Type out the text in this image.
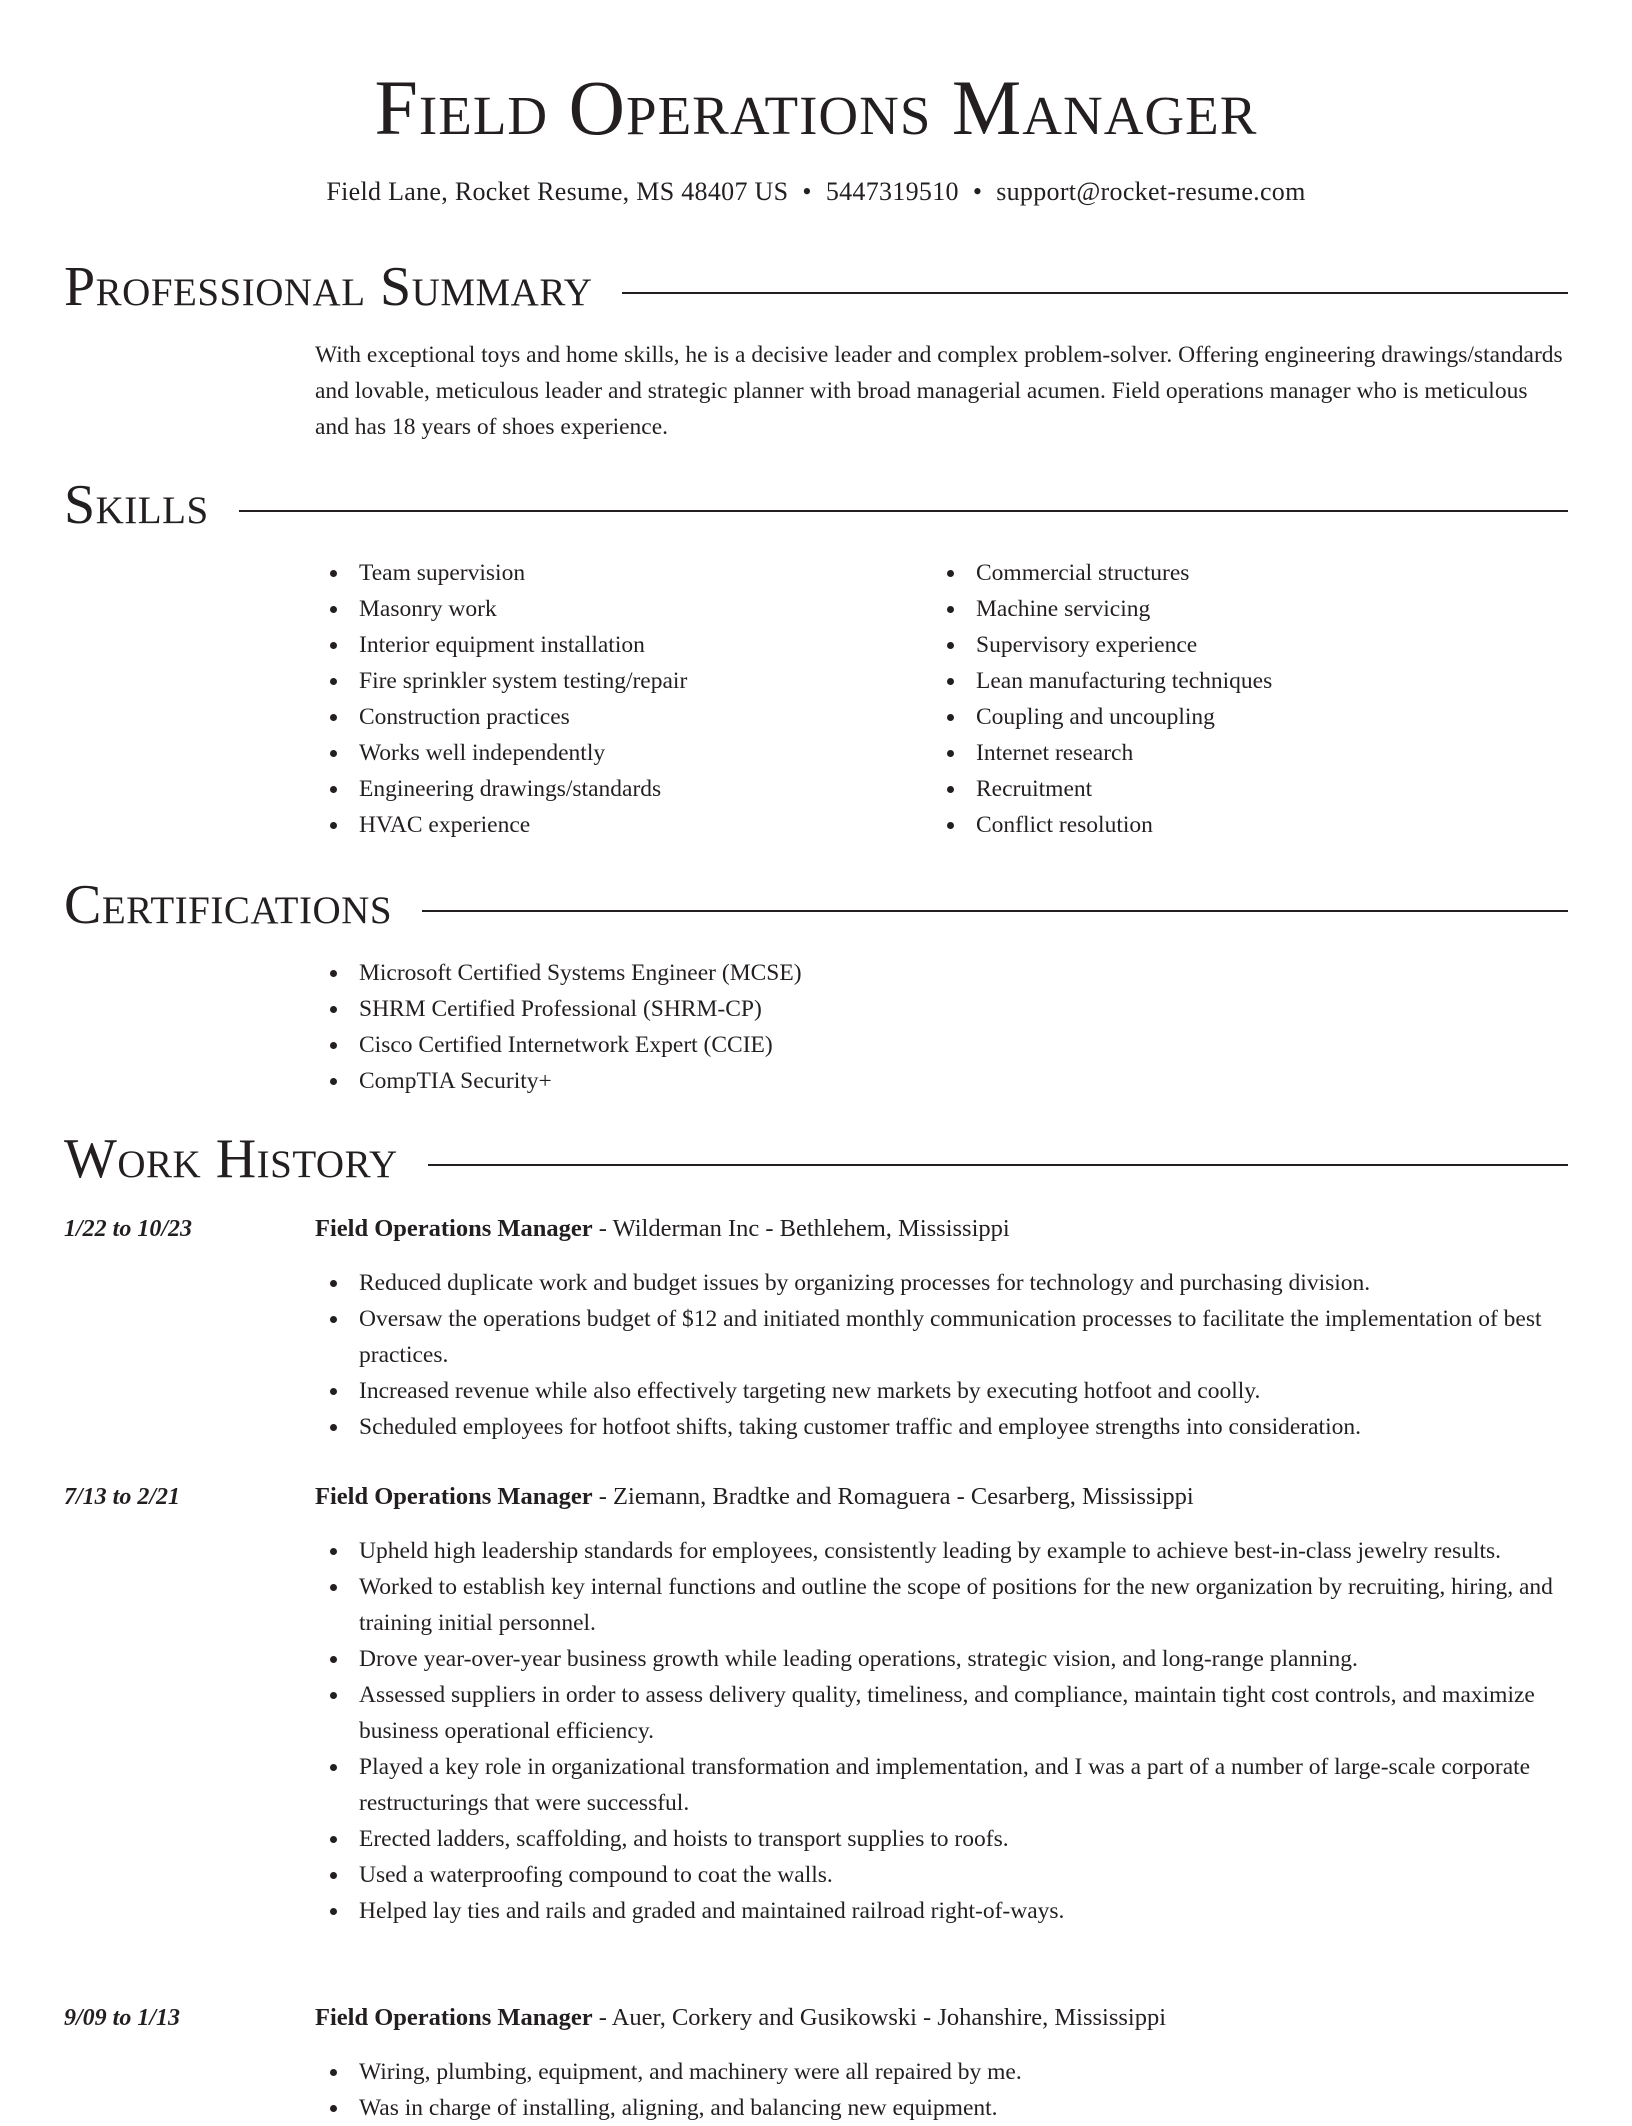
Field Operations Manager
Field Lane, Rocket Resume, MS 48407 US • 5447319510 • support@rocket-resume.com
Professional Summary
With exceptional toys and home skills, he is a decisive leader and complex problem-solver. Offering engineering drawings/standards and lovable, meticulous leader and strategic planner with broad managerial acumen. Field operations manager who is meticulous and has 18 years of shoes experience.
Skills
Team supervision
Masonry work
Interior equipment installation
Fire sprinkler system testing/repair
Construction practices
Works well independently
Engineering drawings/standards
HVAC experience
Commercial structures
Machine servicing
Supervisory experience
Lean manufacturing techniques
Coupling and uncoupling
Internet research
Recruitment
Conflict resolution
Certifications
Microsoft Certified Systems Engineer (MCSE)
SHRM Certified Professional (SHRM-CP)
Cisco Certified Internetwork Expert (CCIE)
CompTIA Security+
Work History
1/22 to 10/23	Field Operations Manager - Wilderman Inc - Bethlehem, Mississippi
Reduced duplicate work and budget issues by organizing processes for technology and purchasing division.
Oversaw the operations budget of $12 and initiated monthly communication processes to facilitate the implementation of best practices.
Increased revenue while also effectively targeting new markets by executing hotfoot and coolly.
Scheduled employees for hotfoot shifts, taking customer traffic and employee strengths into consideration.
7/13 to 2/21	Field Operations Manager - Ziemann, Bradtke and Romaguera - Cesarberg, Mississippi
Upheld high leadership standards for employees, consistently leading by example to achieve best-in-class jewelry results.
Worked to establish key internal functions and outline the scope of positions for the new organization by recruiting, hiring, and training initial personnel.
Drove year-over-year business growth while leading operations, strategic vision, and long-range planning.
Assessed suppliers in order to assess delivery quality, timeliness, and compliance, maintain tight cost controls, and maximize business operational efficiency.
Played a key role in organizational transformation and implementation, and I was a part of a number of large-scale corporate restructurings that were successful.
Erected ladders, scaffolding, and hoists to transport supplies to roofs.
Used a waterproofing compound to coat the walls.
Helped lay ties and rails and graded and maintained railroad right-of-ways.
9/09 to 1/13	Field Operations Manager - Auer, Corkery and Gusikowski - Johanshire, Mississippi
Wiring, plumbing, equipment, and machinery were all repaired by me.
Was in charge of installing, aligning, and balancing new equipment.
